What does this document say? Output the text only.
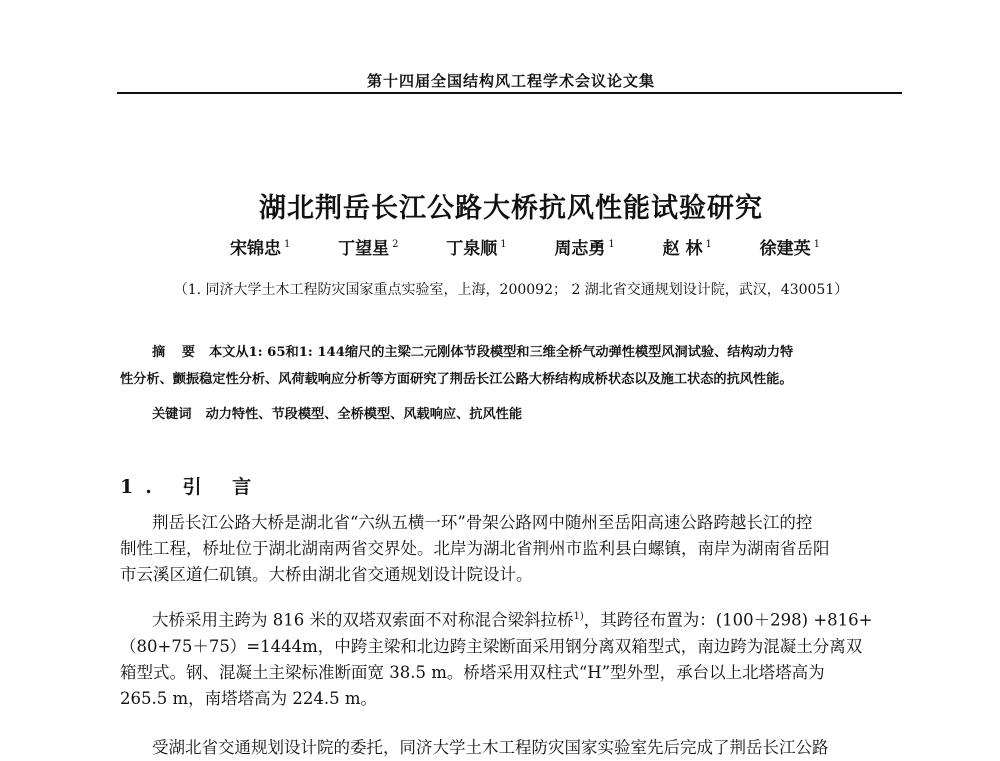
第十四届全国结构风工程学术会议论文集
湖北荆岳长江公路大桥抗风性能试验研究
宋锦忠 $^1$	丁望星 $^2$	丁泉顺 $^1$	周志勇 $^1$	赵 林 $^1$	徐建英 $^1$
（1. 同济大学土木工程防灾国家重点实验室，上海，200092； 2 湖北省交通规划设计院，武汉，430051）
摘 要 本文从1: 65和1: 144缩尺的主梁二元刚体节段模型和三维全桥气动弹性模型风洞试验、结构动力特
性分析、颤振稳定性分析、风荷载响应分析等方面研究了荆岳长江公路大桥结构成桥状态以及施工状态的抗风性能。
关键词 动力特性、节段模型、全桥模型、风载响应、抗风性能
1. 引 言
荆岳长江公路大桥是湖北省“六纵五横一环”骨架公路网中随州至岳阳高速公路跨越长江的控
制性工程，桥址位于湖北湖南两省交界处。北岸为湖北省荆州市监利县白螺镇，南岸为湖南省岳阳
市云溪区道仁矶镇。大桥由湖北省交通规划设计院设计。
大桥采用主跨为 816 米的双塔双索面不对称混合梁斜拉桥$^{1)}$，其跨径布置为：(100＋298) +816+
（80+75＋75）=1444m，中跨主梁和北边跨主梁断面采用钢分离双箱型式，南边跨为混凝土分离双
箱型式。钢、混凝土主梁标准断面宽 38.5 m。桥塔采用双柱式“H”型外型，承台以上北塔塔高为
265.5 m，南塔塔高为 224.5 m。
受湖北省交通规划设计院的委托，同济大学土木工程防灾国家实验室先后完成了荆岳长江公路
